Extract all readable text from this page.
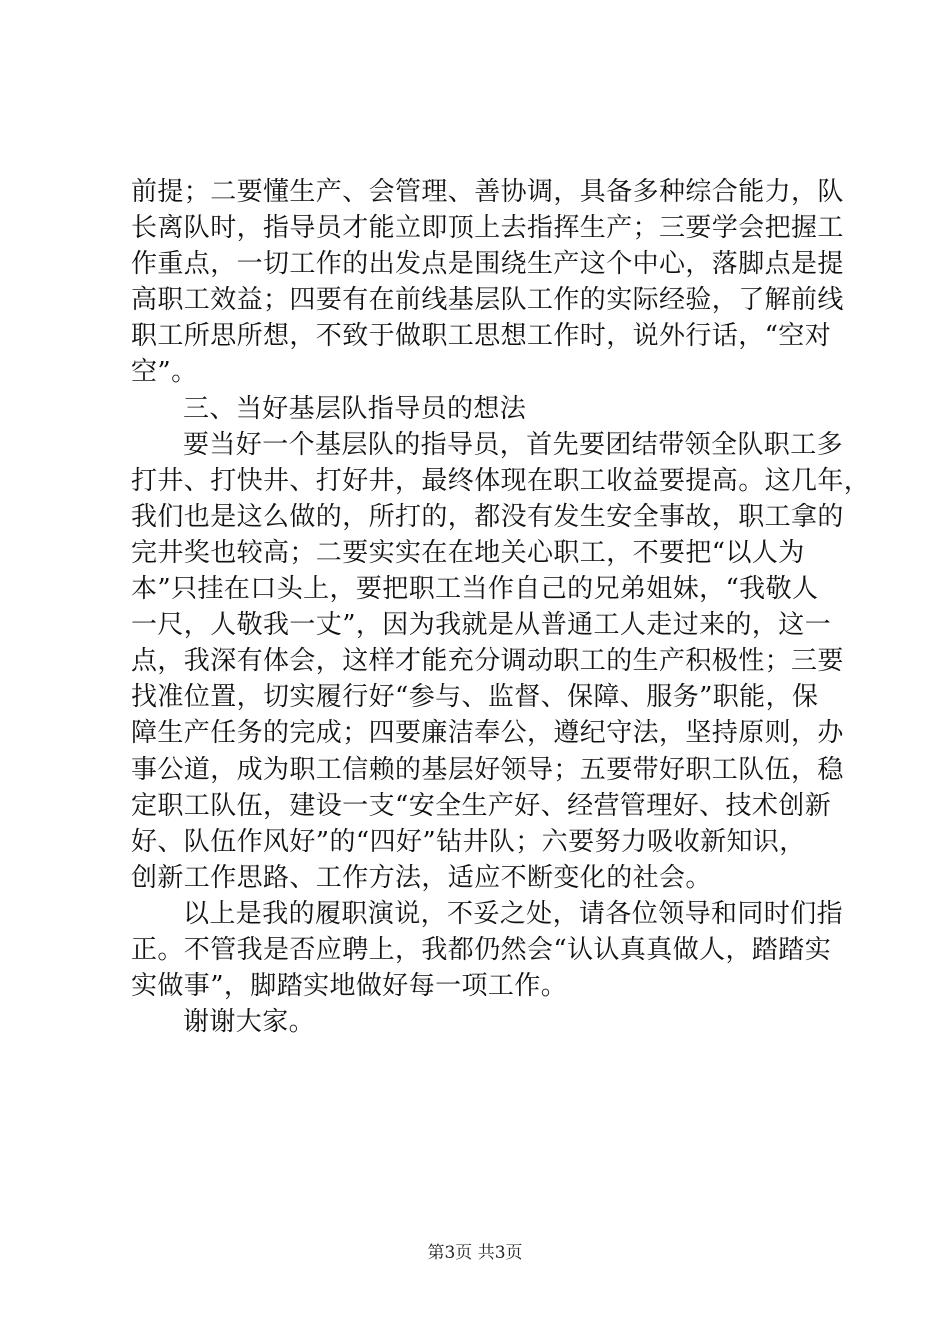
前提；二要懂生产、会管理、善协调，具备多种综合能力，队
长离队时，指导员才能立即顶上去指挥生产；三要学会把握工
作重点，一切工作的出发点是围绕生产这个中心，落脚点是提
高职工效益；四要有在前线基层队工作的实际经验，了解前线
职工所思所想，不致于做职工思想工作时，说外行话，“空对
空”。
三、当好基层队指导员的想法
要当好一个基层队的指导员，首先要团结带领全队职工多
打井、打快井、打好井，最终体现在职工收益要提高。这几年，
我们也是这么做的，所打的，都没有发生安全事故，职工拿的
完井奖也较高；二要实实在在地关心职工，不要把“以人为
本”只挂在口头上，要把职工当作自己的兄弟姐妹，“我敬人
一尺，人敬我一丈”，因为我就是从普通工人走过来的，这一
点，我深有体会，这样才能充分调动职工的生产积极性；三要
找准位置，切实履行好“参与、监督、保障、服务”职能，保
障生产任务的完成；四要廉洁奉公，遵纪守法，坚持原则，办
事公道，成为职工信赖的基层好领导；五要带好职工队伍，稳
定职工队伍，建设一支“安全生产好、经营管理好、技术创新
好、队伍作风好”的“四好”钻井队；六要努力吸收新知识，
创新工作思路、工作方法，适应不断变化的社会。
以上是我的履职演说，不妥之处，请各位领导和同时们指
正。不管我是否应聘上，我都仍然会“认认真真做人，踏踏实
实做事”，脚踏实地做好每一项工作。
谢谢大家。
第3页 共3页
